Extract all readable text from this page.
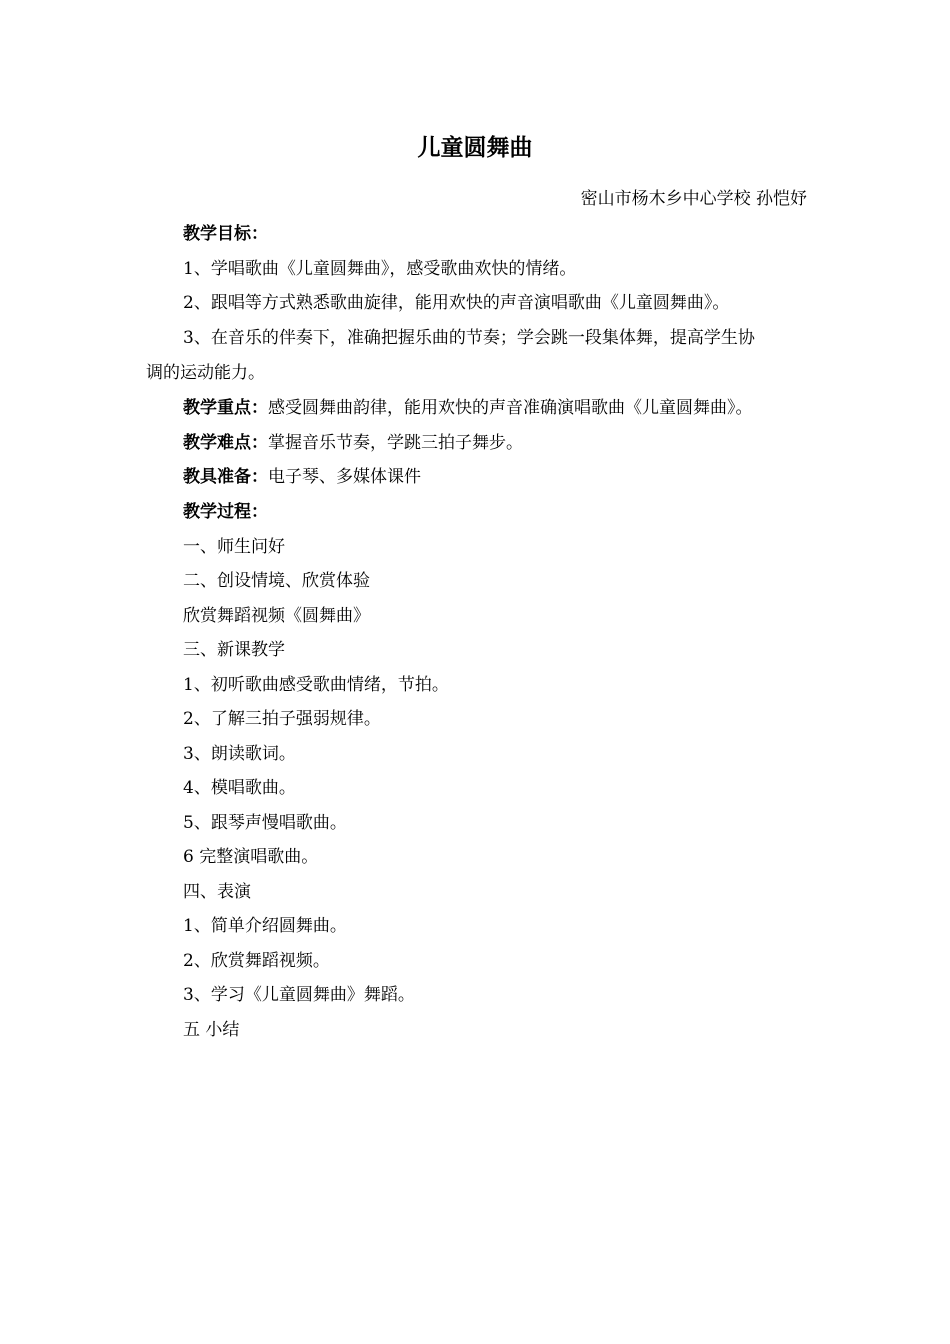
儿童圆舞曲
密山市杨木乡中心学校 孙恺妤
教学目标：
1、学唱歌曲《儿童圆舞曲》，感受歌曲欢快的情绪。
2、跟唱等方式熟悉歌曲旋律，能用欢快的声音演唱歌曲《儿童圆舞曲》。
3、在音乐的伴奏下，准确把握乐曲的节奏；学会跳一段集体舞，提高学生协
调的运动能力。
教学重点：感受圆舞曲韵律，能用欢快的声音准确演唱歌曲《儿童圆舞曲》。
教学难点：掌握音乐节奏，学跳三拍子舞步。
教具准备：电子琴、多媒体课件
教学过程：
一、师生问好
二、创设情境、欣赏体验
欣赏舞蹈视频《圆舞曲》
三、新课教学
1、初听歌曲感受歌曲情绪，节拍。
2、了解三拍子强弱规律。
3、朗读歌词。
4、模唱歌曲。
5、跟琴声慢唱歌曲。
6 完整演唱歌曲。
四、表演
1、简单介绍圆舞曲。
2、欣赏舞蹈视频。
3、学习《儿童圆舞曲》舞蹈。
五 小结
